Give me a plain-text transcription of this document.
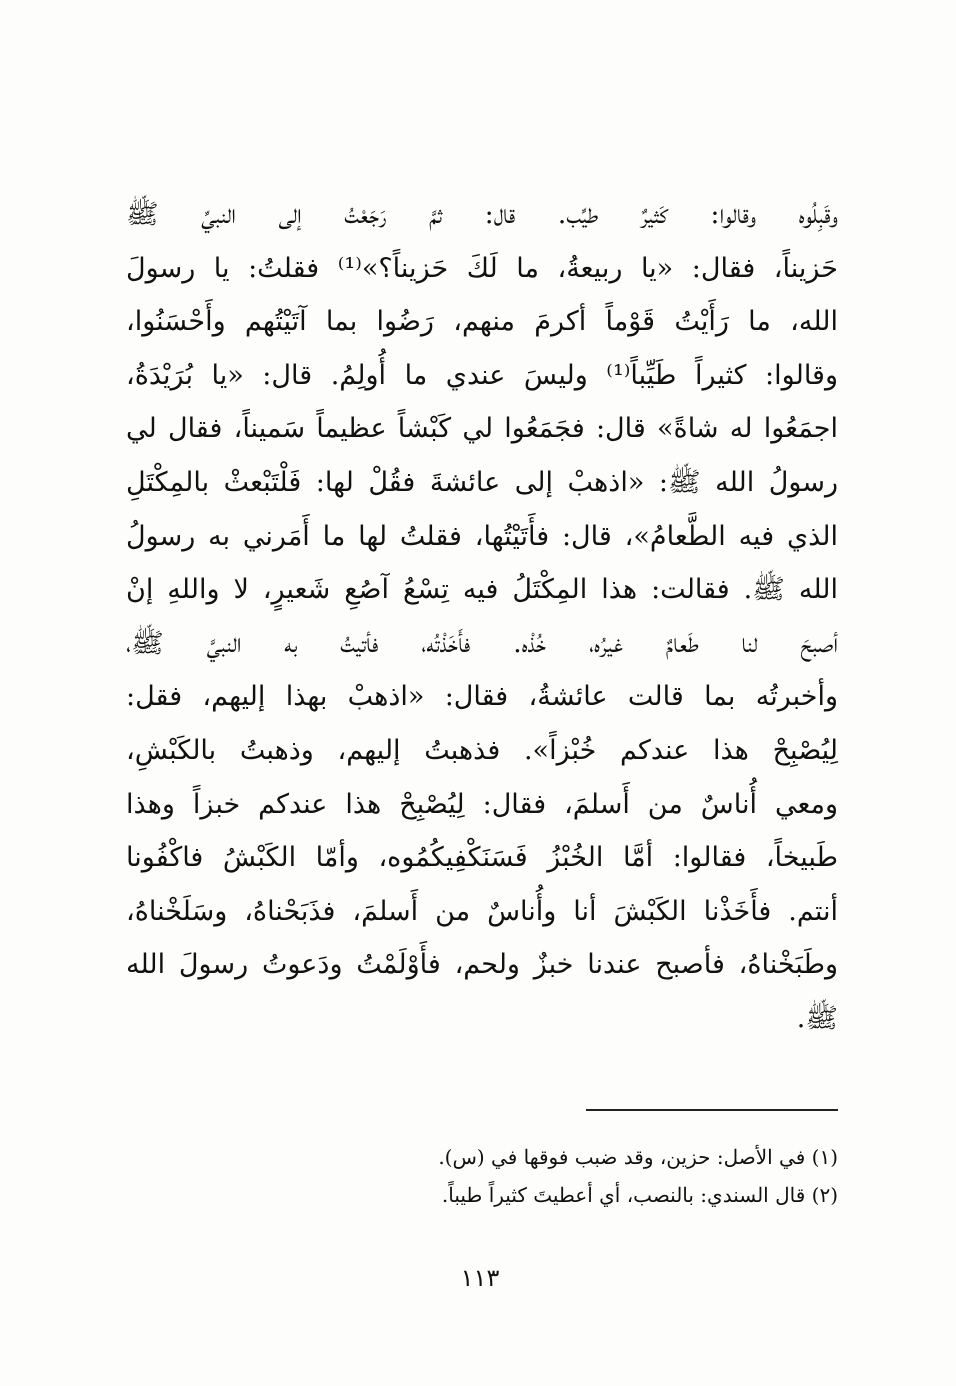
وقَبِلُوه وقالوا: كَثيرٌ طيِّب. قال: ثمَّ رَجَعْتُ إلى النبيِّ ﷺ
حَزيناً، فقال: «يا ربيعةُ، ما لَكَ حَزيناً؟»⁽¹⁾ فقلتُ: يا رسولَ
الله، ما رَأَيْتُ قَوْماً أكرمَ منهم، رَضُوا بما آتَيْتُهم وأَحْسَنُوا،
وقالوا: كثيراً طَيِّباً⁽¹⁾ وليسَ عندي ما أُولِمُ. قال: «يا بُرَيْدَةُ،
اجمَعُوا له شاةً» قال: فجَمَعُوا لي كَبْشاً عظيماً سَميناً، فقال لي
رسولُ الله ﷺ: «اذهبْ إلى عائشةَ فقُلْ لها: فَلْتَبْعثْ بالمِكْتَلِ
الذي فيه الطَّعامُ»، قال: فأَتَيْتُها، فقلتُ لها ما أَمَرني به رسولُ
الله ﷺ. فقالت: هذا المِكْتَلُ فيه تِسْعُ آصُعِ شَعيرٍ، لا واللهِ إنْ
أصبحَ لنا طَعامٌ غيرُه، خُذْه. فأَخَذْتُه، فأتيتُ به النبيَّ ﷺ،
وأخبرتُه بما قالت عائشةُ، فقال: «اذهبْ بهذا إليهم، فقل:
لِيُصْبِحْ هذا عندكم خُبْزاً». فذهبتُ إليهم، وذهبتُ بالكَبْشِ،
ومعي أُناسٌ من أَسلمَ، فقال: لِيُصْبِحْ هذا عندكم خبزاً وهذا
طَبيخاً، فقالوا: أمَّا الخُبْزُ فَسَنَكْفِيكُمُوه، وأمّا الكَبْشُ فاكْفُونا
أنتم. فأَخَذْنا الكَبْشَ أنا وأُناسٌ من أَسلمَ، فذَبَحْناهُ، وسَلَخْناهُ،
وطَبَخْناهُ، فأصبح عندنا خبزٌ ولحم، فأَوْلَمْتُ ودَعوتُ رسولَ الله
ﷺ.
(١) في الأصل: حزين، وقد ضبب فوقها في (س).
(٢) قال السندي: بالنصب، أي أعطيتَ كثيراً طيباً.
١١٣
